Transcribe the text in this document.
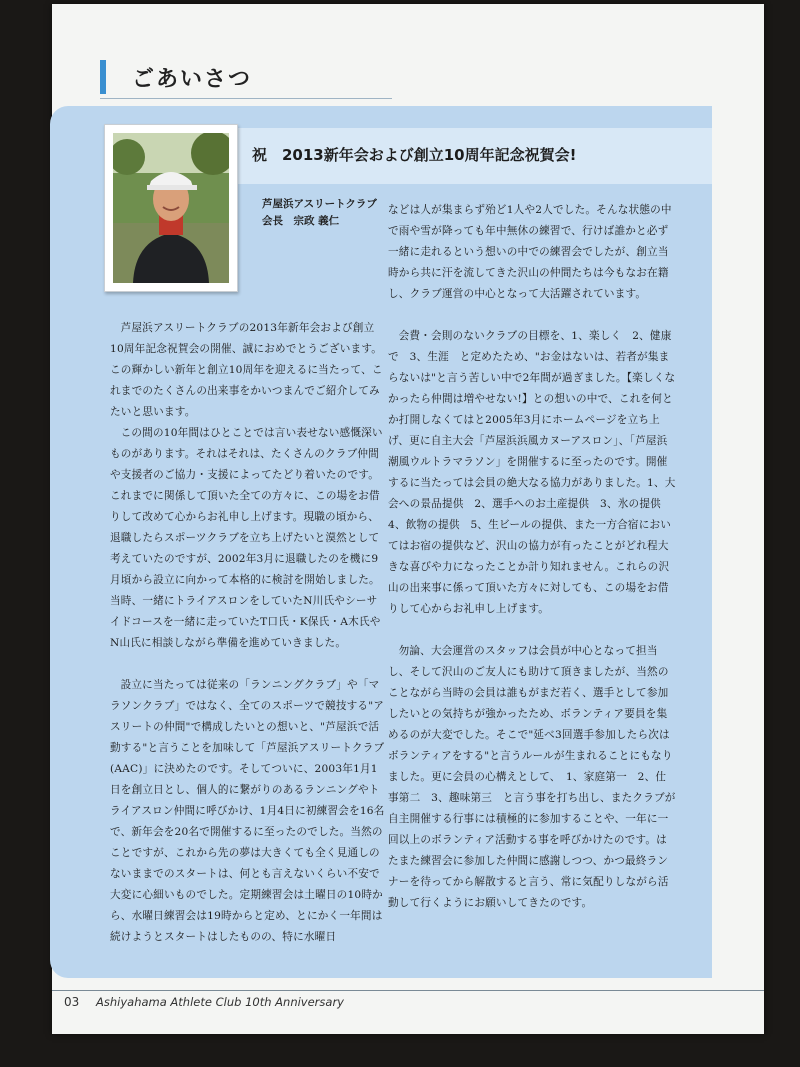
ごあいさつ
03 Ashiyahama Athlete Club 10th Anniversary
祝　2013新年会および創立10周年記念祝賀会!
芦屋浜アスリートクラブ
会長　宗政 義仁

芦屋浜アスリートクラブの2013年新年会および創立10周年記念祝賀会の開催、誠におめでとうございます。この輝かしい新年と創立10周年を迎えるに当たって、これまでのたくさんの出来事をかいつまんでご紹介してみたいと思います。

この間の10年間はひとことでは言い表せない感慨深いものがあります。それはそれは、たくさんのクラブ仲間や支援者のご協力・支援によってたどり着いたのです。これまでに関係して頂いた全ての方々に、この場をお借りして改めて心からお礼申し上げます。現職の頃から、退職したらスポーツクラブを立ち上げたいと漠然として考えていたのですが、2002年3月に退職したのを機に9月頃から設立に向かって本格的に検討を開始しました。当時、一緒にトライアスロンをしていたN川氏やシーサイドコースを一緒に走っていたT口氏・K保氏・A木氏やN山氏に相談しながら準備を進めていきました。

設立に当たっては従来の「ランニングクラブ」や「マラソンクラブ」ではなく、全てのスポーツで競技する"アスリートの仲間"で構成したいとの想いと、"芦屋浜で活動する"と言うことを加味して「芦屋浜アスリートクラブ(AAC)」に決めたのです。そしてついに、2003年1月1日を創立日とし、個人的に繋がりのあるランニングやトライアスロン仲間に呼びかけ、1月4日に初練習会を16名で、新年会を20名で開催するに至ったのでした。当然のことですが、これから先の夢は大きくても全く見通しのないままでのスタートは、何とも言えないくらい不安で大変に心細いものでした。定期練習会は土曜日の10時から、水曜日練習会は19時からと定め、とにかく一年間は続けようとスタートはしたものの、特に水曜日

などは人が集まらず殆ど1人や2人でした。そんな状態の中で雨や雪が降っても年中無休の練習で、行けば誰かと必ず一緒に走れるという想いの中での練習会でしたが、創立当時から共に汗を流してきた沢山の仲間たちは今もなお在籍し、クラブ運営の中心となって大活躍されています。

会費・会則のないクラブの目標を、1、楽しく　2、健康で　3、生涯　と定めたため、"お金はないは、若者が集まらないは"と言う苦しい中で2年間が過ぎました。【楽しくなかったら仲間は増やせない!】との想いの中で、これを何とか打開しなくてはと2005年3月にホームページを立ち上げ、更に自主大会「芦屋浜浜風カヌーアスロン」、「芦屋浜潮風ウルトラマラソン」を開催するに至ったのです。開催するに当たっては会員の絶大なる協力がありました。1、大会への景品提供　2、選手へのお土産提供　3、氷の提供　4、飲物の提供　5、生ビールの提供、また一方合宿においてはお宿の提供など、沢山の協力が有ったことがどれ程大きな喜びや力になったことか計り知れません。これらの沢山の出来事に係って頂いた方々に対しても、この場をお借りして心からお礼申し上げます。

勿論、大会運営のスタッフは会員が中心となって担当し、そして沢山のご友人にも助けて頂きましたが、当然のことながら当時の会員は誰もがまだ若く、選手として参加したいとの気持ちが強かったため、ボランティア要員を集めるのが大変でした。そこで"延べ3回選手参加したら次はボランティアをする"と言うルールが生まれることにもなりました。更に会員の心構えとして、　1、家庭第一　2、仕事第二　3、趣味第三　と言う事を打ち出し、またクラブが自主開催する行事には積極的に参加することや、一年に一回以上のボランティア活動する事を呼びかけたのです。はたまた練習会に参加した仲間に感謝しつつ、かつ最終ランナーを待ってから解散すると言う、常に気配りしながら活動して行くようにお願いしてきたのです。
